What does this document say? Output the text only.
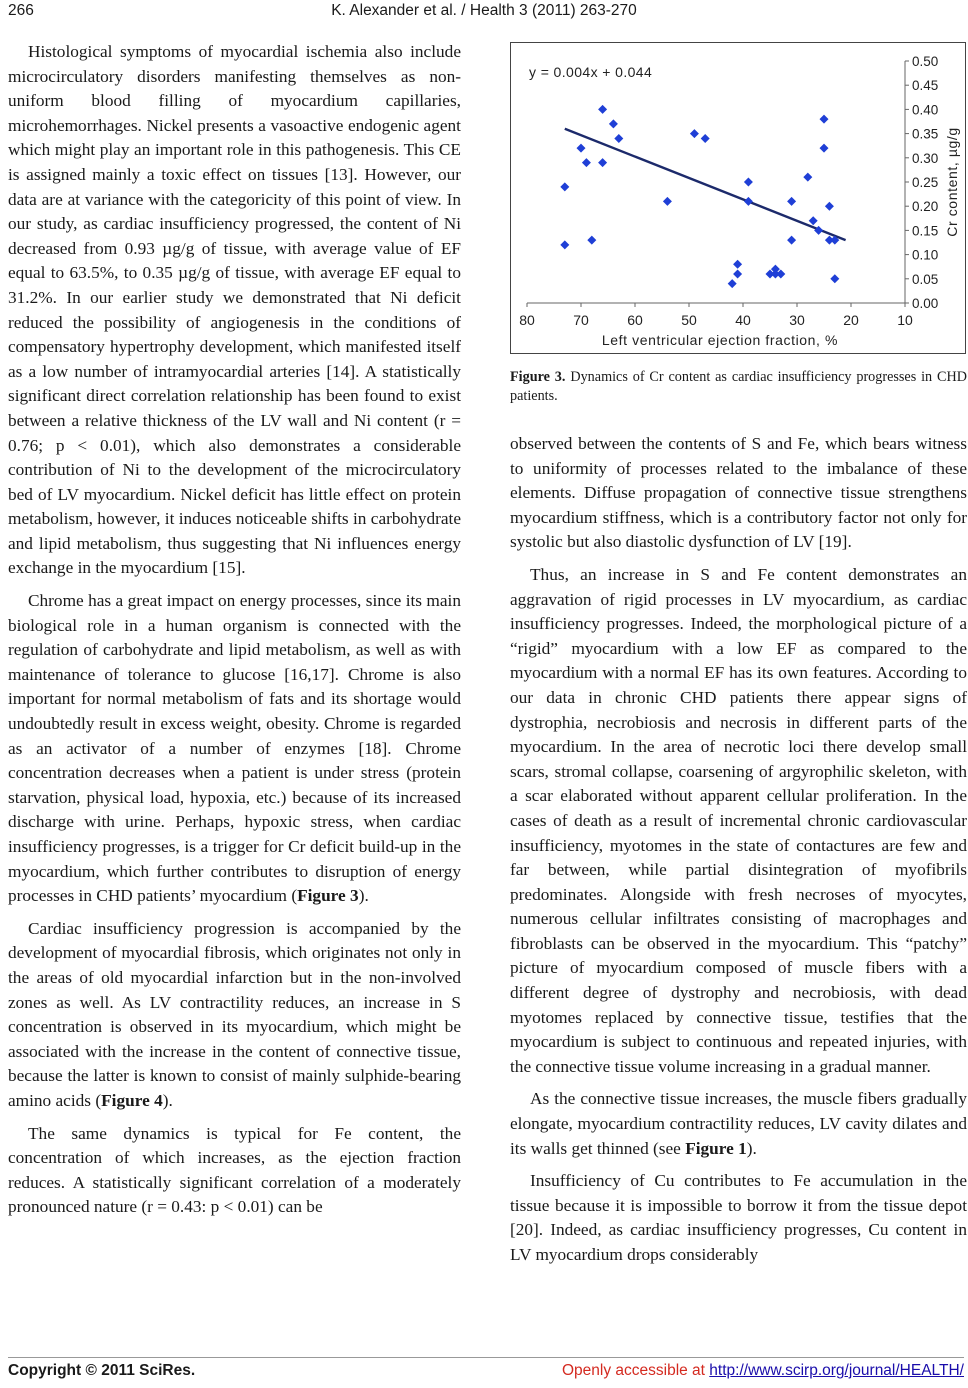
266	K. Alexander et al. / Health 3 (2011) 263-270

Histological symptoms of myocardial ischemia also include microcirculatory disorders manifesting themselves as non-uniform blood filling of myocardium capillaries, microhemorrhages. Nickel presents a vasoactive endogenic agent which might play an important role in this pathogenesis. This CE is assigned mainly a toxic effect on tissues [13]. However, our data are at variance with the categoricity of this point of view. In our study, as cardiac insufficiency progressed, the content of Ni decreased from 0.93 µg/g of tissue, with average value of EF equal to 63.5%, to 0.35 µg/g of tissue, with average EF equal to 31.2%. In our earlier study we demonstrated that Ni deficit reduced the possibility of angiogenesis in the conditions of compensatory hypertrophy development, which manifested itself as a low number of intramyocardial arteries [14]. A statistically significant direct correlation relationship has been found to exist between a relative thickness of the LV wall and Ni content (r = 0.76; p < 0.01), which also demonstrates a considerable contribution of Ni to the development of the microcirculatory bed of LV myocardium. Nickel deficit has little effect on protein metabolism, however, it induces noticeable shifts in carbohydrate and lipid metabolism, thus suggesting that Ni influences energy exchange in the myocardium [15].

Chrome has a great impact on energy processes, since its main biological role in a human organism is connected with the regulation of carbohydrate and lipid metabolism, as well as with maintenance of tolerance to glucose [16,17]. Chrome is also important for normal metabolism of fats and its shortage would undoubtedly result in excess weight, obesity. Chrome is regarded as an activator of a number of enzymes [18]. Chrome concentration decreases when a patient is under stress (protein starvation, physical load, hypoxia, etc.) because of its increased discharge with urine. Perhaps, hypoxic stress, when cardiac insufficiency progresses, is a trigger for Cr deficit build-up in the myocardium, which further contributes to disruption of energy processes in CHD patients’ myocardium (Figure 3).

Cardiac insufficiency progression is accompanied by the development of myocardial fibrosis, which originates not only in the areas of old myocardial infarction but in the non-involved zones as well. As LV contractility reduces, an increase in S concentration is observed in its myocardium, which might be associated with the increase in the content of connective tissue, because the latter is known to consist of mainly sulphide-bearing amino acids (Figure 4).

The same dynamics is typical for Fe content, the concentration of which increases, as the ejection fraction reduces. A statistically significant correlation of a moderately pronounced nature (r = 0.43: p < 0.01) can be

80	70	60	50	40	30	20	10
0.00
0.05
0.10
0.15
0.20
0.25
0.30
0.35
0.40
0.45
0.50
Left ventricular ejection fraction, %
Cr content, µg/g
y = 0.004x + 0.044
Figure 3. Dynamics of Cr content as cardiac insufficiency progresses in CHD patients.

observed between the contents of S and Fe, which bears witness to uniformity of processes related to the imbalance of these elements. Diffuse propagation of connective tissue strengthens myocardium stiffness, which is a contributory factor not only for systolic but also diastolic dysfunction of LV [19].

Thus, an increase in S and Fe content demonstrates an aggravation of rigid processes in LV myocardium, as cardiac insufficiency progresses. Indeed, the morphological picture of a “rigid” myocardium with a low EF as compared to the myocardium with a normal EF has its own features. According to our data in chronic CHD patients there appear signs of dystrophia, necrobiosis and necrosis in different parts of the myocardium. In the area of necrotic loci there develop small scars, stromal collapse, coarsening of argyrophilic skeleton, with a scar elaborated without apparent cellular proliferation. In the cases of death as a result of incremental chronic cardiovascular insufficiency, myotomes in the state of contactures are few and far between, while partial disintegration of myofibrils predominates. Alongside with fresh necroses of myocytes, numerous cellular infiltrates consisting of macrophages and fibroblasts can be observed in the myocardium. This “patchy” picture of myocardium composed of muscle fibers with a different degree of dystrophy and necrobiosis, with dead myotomes replaced by connective tissue, testifies that the myocardium is subject to continuous and repeated injuries, with the connective tissue volume increasing in a gradual manner.

As the connective tissue increases, the muscle fibers gradually elongate, myocardium contractility reduces, LV cavity dilates and its walls get thinned (see Figure 1).

Insufficiency of Cu contributes to Fe accumulation in the tissue because it is impossible to borrow it from the tissue depot [20]. Indeed, as cardiac insufficiency progresses, Cu content in LV myocardium drops considerably

Copyright © 2011 SciRes.	Openly accessible at http://www.scirp.org/journal/HEALTH/
